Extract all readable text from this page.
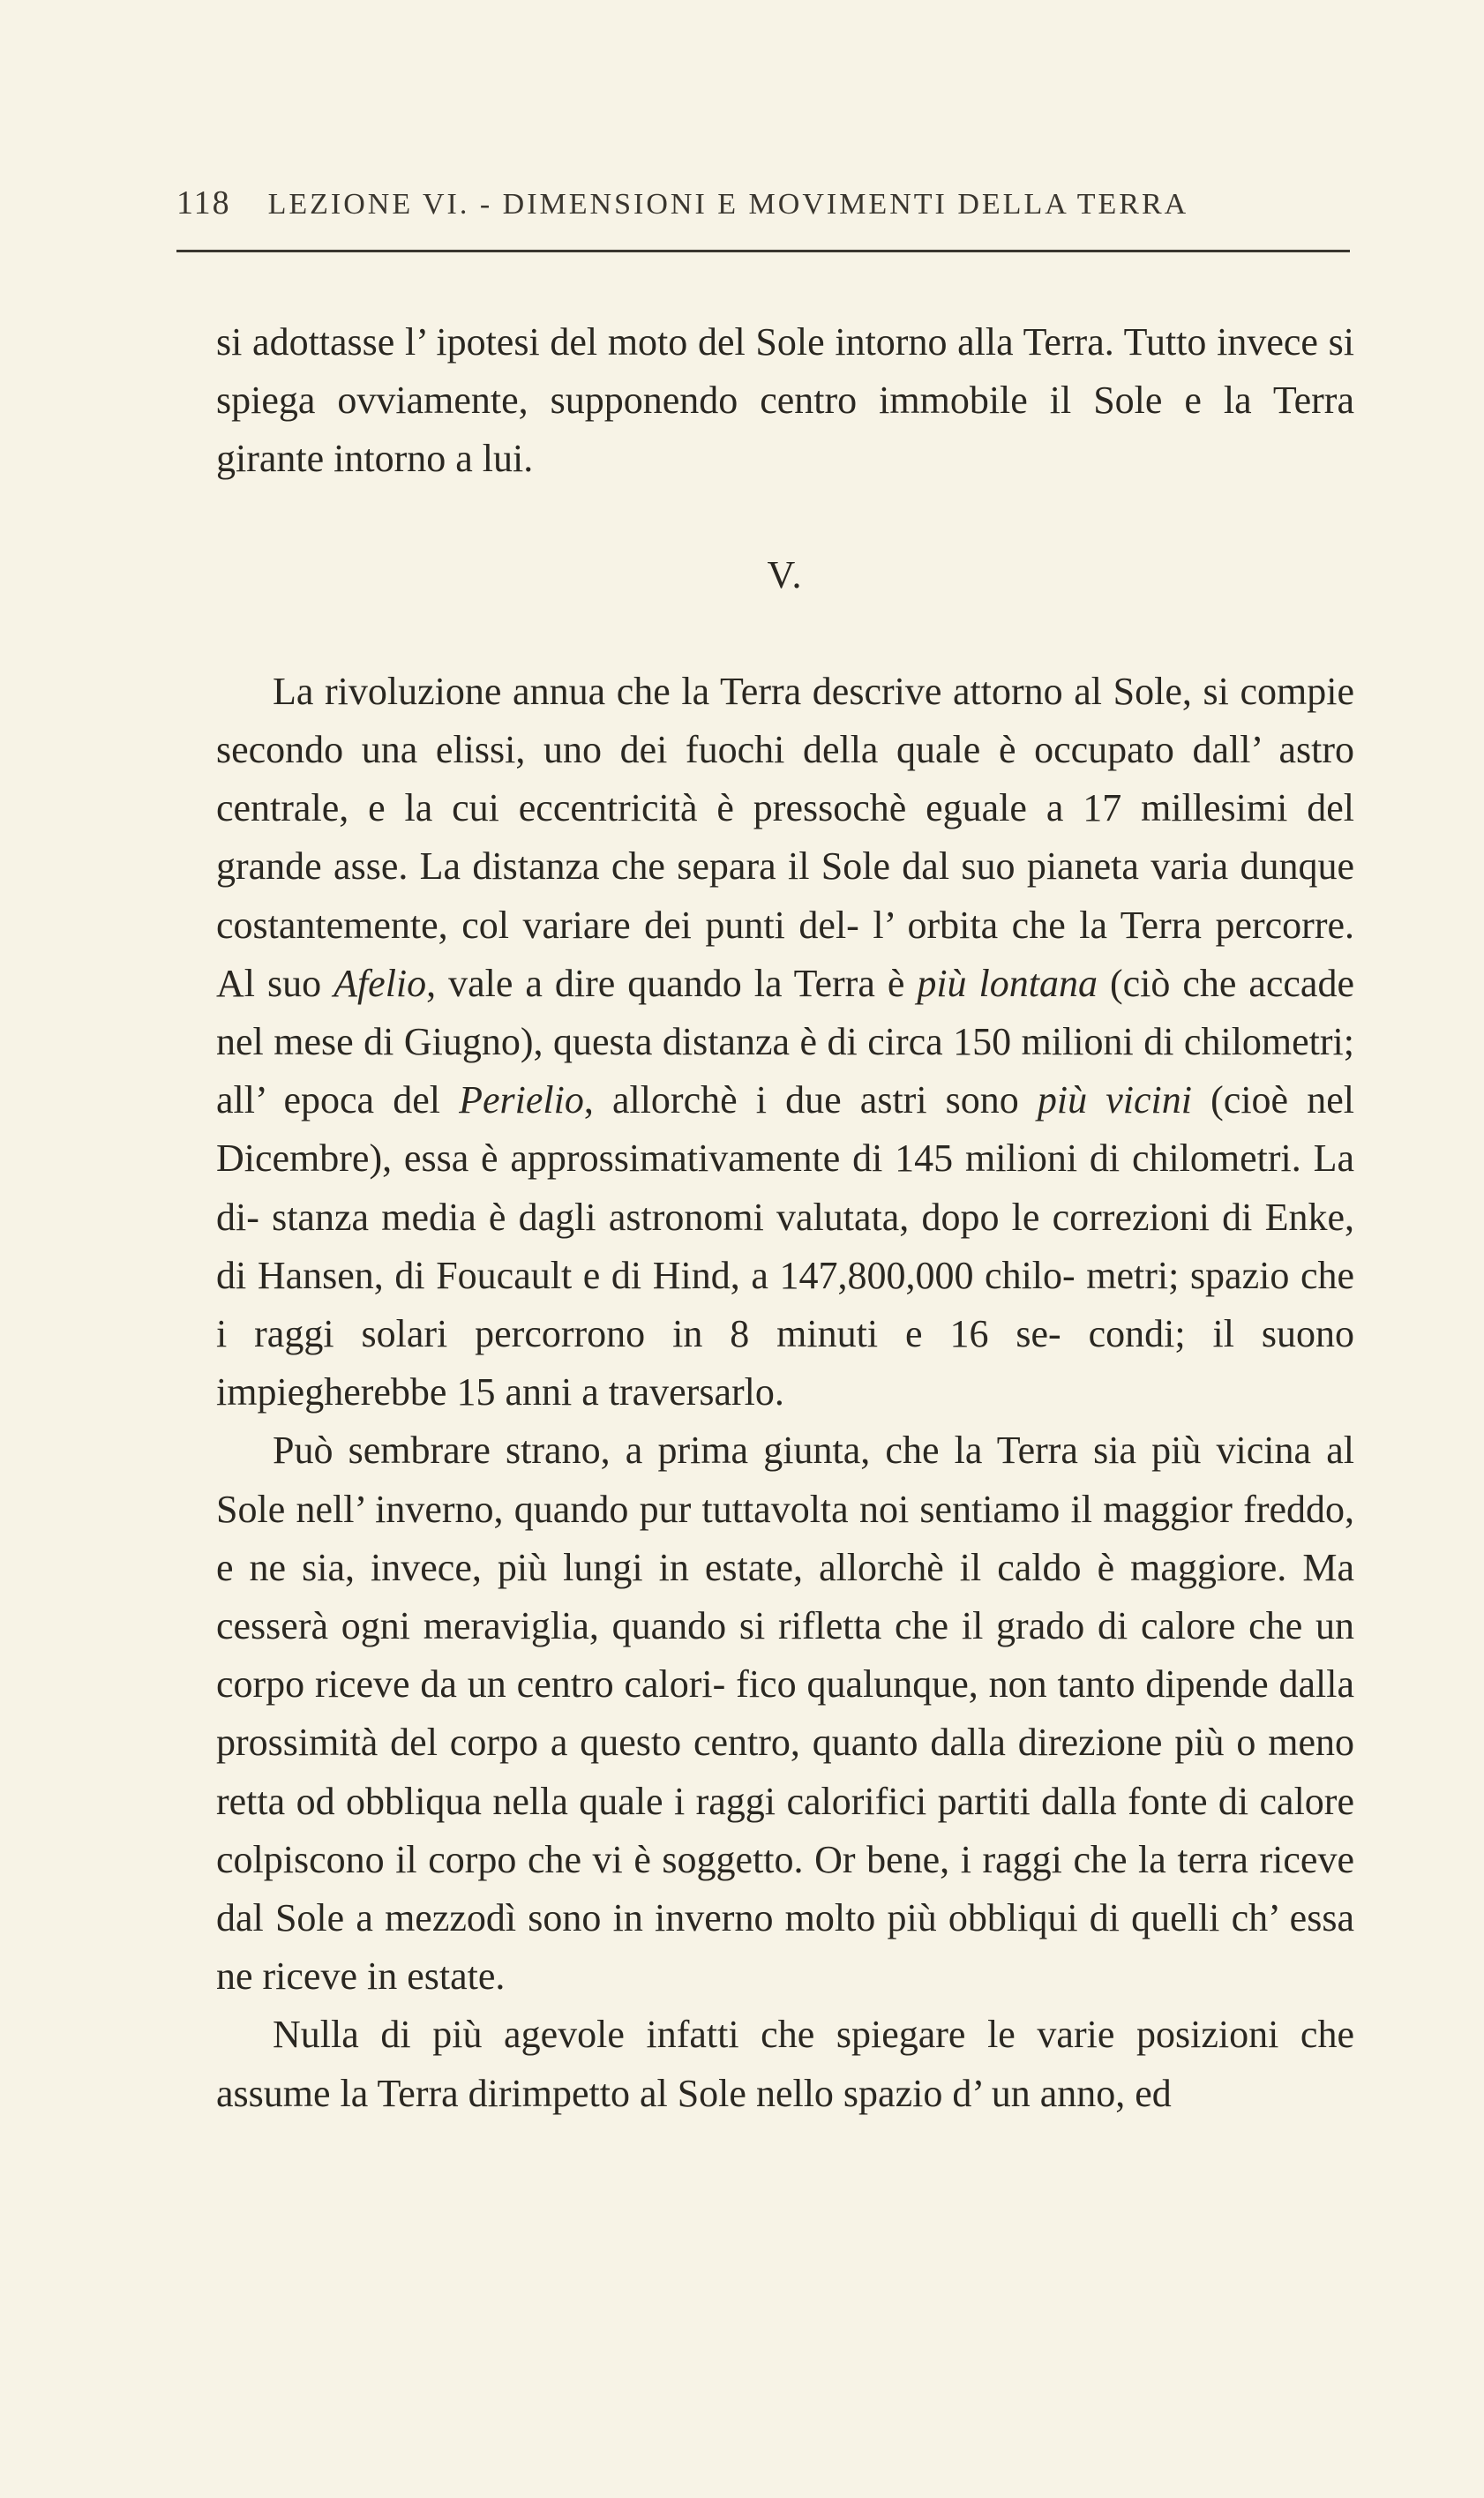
118 LEZIONE VI. - DIMENSIONI E MOVIMENTI DELLA TERRA

si adottasse l’ ipotesi del moto del Sole intorno alla Terra. Tutto invece si spiega ovviamente, supponendo centro immobile il Sole e la Terra girante intorno a lui.

V.

La rivoluzione annua che la Terra descrive attorno al Sole, si compie secondo una elissi, uno dei fuochi della quale è occupato dall’ astro centrale, e la cui eccentricità è pressochè eguale a 17 millesimi del grande asse. La distanza che separa il Sole dal suo pianeta varia dunque costantemente, col variare dei punti del- l’ orbita che la Terra percorre. Al suo Afelio, vale a dire quando la Terra è più lontana (ciò che accade nel mese di Giugno), questa distanza è di circa 150 milioni di chilometri; all’ epoca del Perielio, allorchè i due astri sono più vicini (cioè nel Dicembre), essa è approssimativamente di 145 milioni di chilometri. La di- stanza media è dagli astronomi valutata, dopo le correzioni di Enke, di Hansen, di Foucault e di Hind, a 147,800,000 chilo- metri; spazio che i raggi solari percorrono in 8 minuti e 16 se- condi; il suono impiegherebbe 15 anni a traversarlo.

Può sembrare strano, a prima giunta, che la Terra sia più vicina al Sole nell’ inverno, quando pur tuttavolta noi sentiamo il maggior freddo, e ne sia, invece, più lungi in estate, allorchè il caldo è maggiore. Ma cesserà ogni meraviglia, quando si rifletta che il grado di calore che un corpo riceve da un centro calori- fico qualunque, non tanto dipende dalla prossimità del corpo a questo centro, quanto dalla direzione più o meno retta od obbliqua nella quale i raggi calorifici partiti dalla fonte di calore colpiscono il corpo che vi è soggetto. Or bene, i raggi che la terra riceve dal Sole a mezzodì sono in inverno molto più obbliqui di quelli ch’ essa ne riceve in estate.

Nulla di più agevole infatti che spiegare le varie posizioni che assume la Terra dirimpetto al Sole nello spazio d’ un anno, ed
